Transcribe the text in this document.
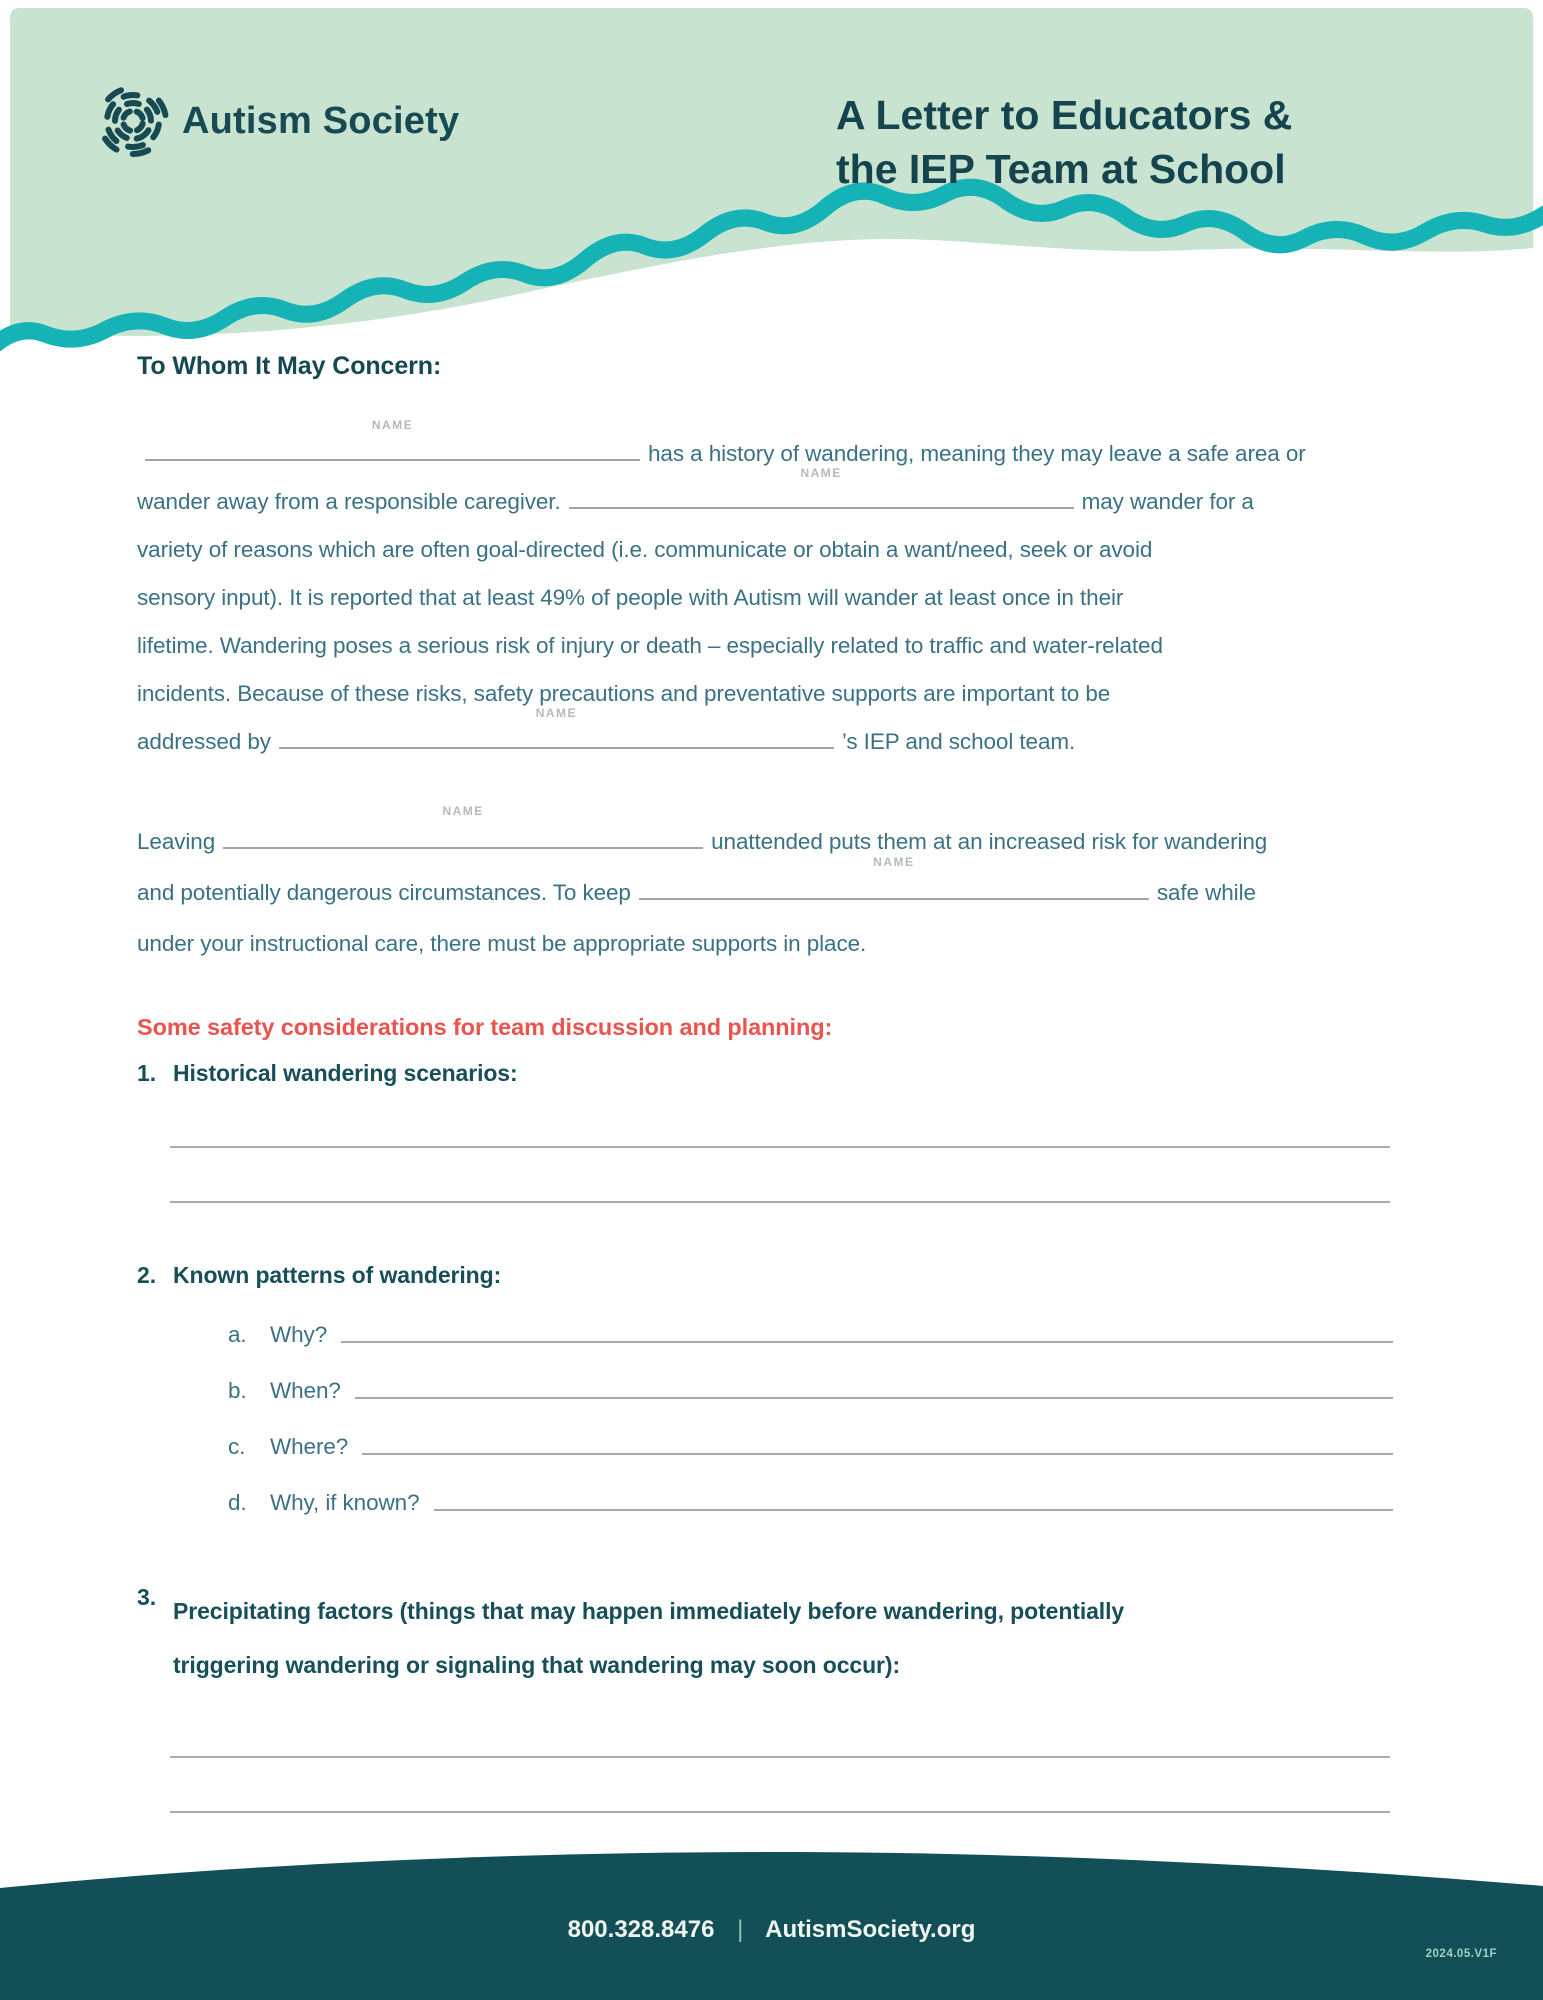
Autism Society	A Letter to Educators &
the IEP Team at School
To Whom It May Concern:
NAME
has a history of wandering, meaning they may leave a safe area or
wander away from a responsible caregiver.
NAME
may wander for a
variety of reasons which are often goal-directed (i.e. communicate or obtain a want/need, seek or avoid
sensory input). It is reported that at least 49% of people with Autism will wander at least once in their
lifetime. Wandering poses a serious risk of injury or death – especially related to traffic and water-related
incidents. Because of these risks, safety precautions and preventative supports are important to be
addressed by
NAME
’s IEP and school team.
Leaving
NAME
unattended puts them at an increased risk for wandering
and potentially dangerous circumstances. To keep
NAME
safe while
under your instructional care, there must be appropriate supports in place.
Some safety considerations for team discussion and planning:
1. Historical wandering scenarios:
2. Known patterns of wandering:
a.	Why?
b.	When?
c.	Where?
d.	Why, if known?
3.
Precipitating factors (things that may happen immediately before wandering, potentially
triggering wandering or signaling that wandering may soon occur):
800.328.8476 | AutismSociety.org
2024.05.V1F
